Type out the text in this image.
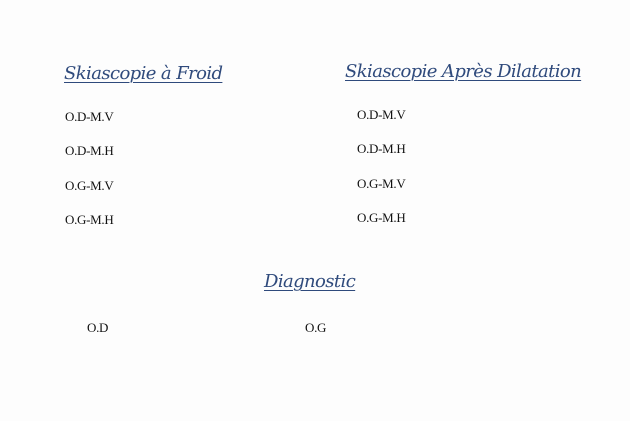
Skiascopie à Froid
O.D-M.V
O.D-M.H
O.G-M.V
O.G-M.H
Skiascopie Après Dilatation
O.D-M.V
O.D-M.H
O.G-M.V
O.G-M.H
Diagnostic
O.D	O.G
